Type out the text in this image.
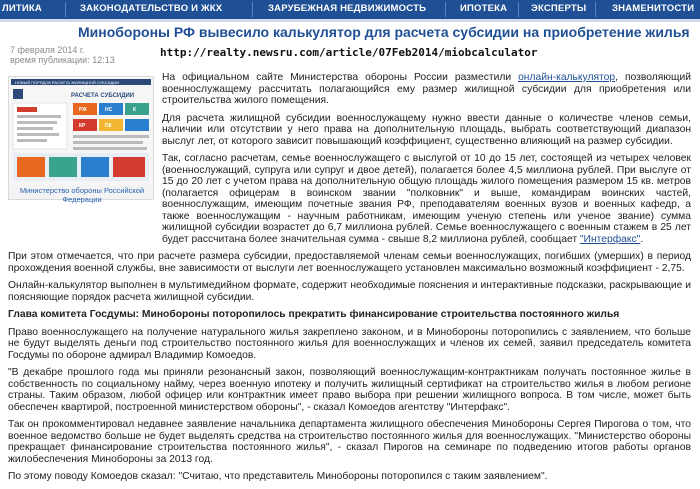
ЛИТИКА	ЗАКОНОДАТЕЛЬСТВО И ЖКХ	ЗАРУБЕЖНАЯ НЕДВИЖИМОСТЬ	ИПОТЕКА	ЭКСПЕРТЫ	ЗНАМЕНИТОСТИ
Минобороны РФ вывесило калькулятор для расчета субсидии на приобретение жилья
7 февраля 2014 г.
время публикации: 12:13
http://realty.newsru.com/article/07Feb2014/miobcalculator
НОВЫЙ ПОРЯДОК РАСЧЕТА ЖИЛИЩНОЙ СУБСИДИИ
РАСЧЕТА СУБСИДИИ
РЖ	НС	К
КР	ПК
Министерство обороны Российской Федерации

На официальном сайте Министерства обороны России разместили онлайн-калькулятор, позволяющий военнослужащему рассчитать полагающийся ему размер жилищной субсидии для приобретения или строительства жилого помещения.

Для расчета жилищной субсидии военнослужащему нужно ввести данные о количестве членов семьи, наличии или отсутствии у него права на дополнительную площадь, выбрать соответствующий диапазон выслуг лет, от которого зависит повышающий коэффициент, существенно влияющий на размер субсидии.

Так, согласно расчетам, семье военнослужащего с выслугой от 10 до 15 лет, состоящей из четырех человек (военнослужащий, супруга или супруг и двое детей), полагается более 4,5 миллиона рублей. При выслуге от 15 до 20 лет с учетом права на дополнительную общую площадь жилого помещения размером 15 кв. метров (полагается офицерам в воинском звании "полковник" и выше, командирам воинских частей, военнослужащим, имеющим почетные звания РФ, преподавателям военных вузов и военных кафедр, а также военнослужащим - научным работникам, имеющим ученую степень или ученое звание) сумма жилищной субсидии возрастет до 6,7 миллиона рублей. Семье военнослужащего с военным стажем в 25 лет будет рассчитана более значительная сумма - свыше 8,2 миллиона рублей, сообщает "Интерфакс".

При этом отмечается, что при расчете размера субсидии, предоставляемой членам семьи военнослужащих, погибших (умерших) в период прохождения военной службы, вне зависимости от выслуги лет военнослужащего установлен максимально возможный коэффициент - 2,75.

Онлайн-калькулятор выполнен в мультимедийном формате, содержит необходимые пояснения и интерактивные подсказки, раскрывающие и поясняющие порядок расчета жилищной субсидии.

Глава комитета Госдумы: Минобороны поторопилось прекратить финансирование строительства постоянного жилья

Право военнослужащего на получение натурального жилья закреплено законом, и в Минобороны поторопились с заявлением, что больше не будут выделять деньги под строительство постоянного жилья для военнослужащих и членов их семей, заявил председатель комитета Госдумы по обороне адмирал Владимир Комоедов.

"В декабре прошлого года мы приняли резонансный закон, позволяющий военнослужащим-контрактникам получать постоянное жилье в собственность по социальному найму, через военную ипотеку и получить жилищный сертификат на строительство жилья в любом регионе страны. Таким образом, любой офицер или контрактник имеет право выбора при решении жилищного вопроса. В том числе, может быть обеспечен квартирой, построенной министерством обороны", - сказал Комоедов агентству "Интерфакс".

Так он прокомментировал недавнее заявление начальника департамента жилищного обеспечения Минобороны Сергея Пирогова о том, что военное ведомство больше не будет выделять средства на строительство постоянного жилья для военнослужащих. "Министерство обороны прекращает финансирование строительства постоянного жилья", - сказал Пирогов на семинаре по подведению итогов работы органов жилобеспечения Минобороны за 2013 год.

По этому поводу Комоедов сказал: "Считаю, что представитель Минобороны поторопился с таким заявлением".
